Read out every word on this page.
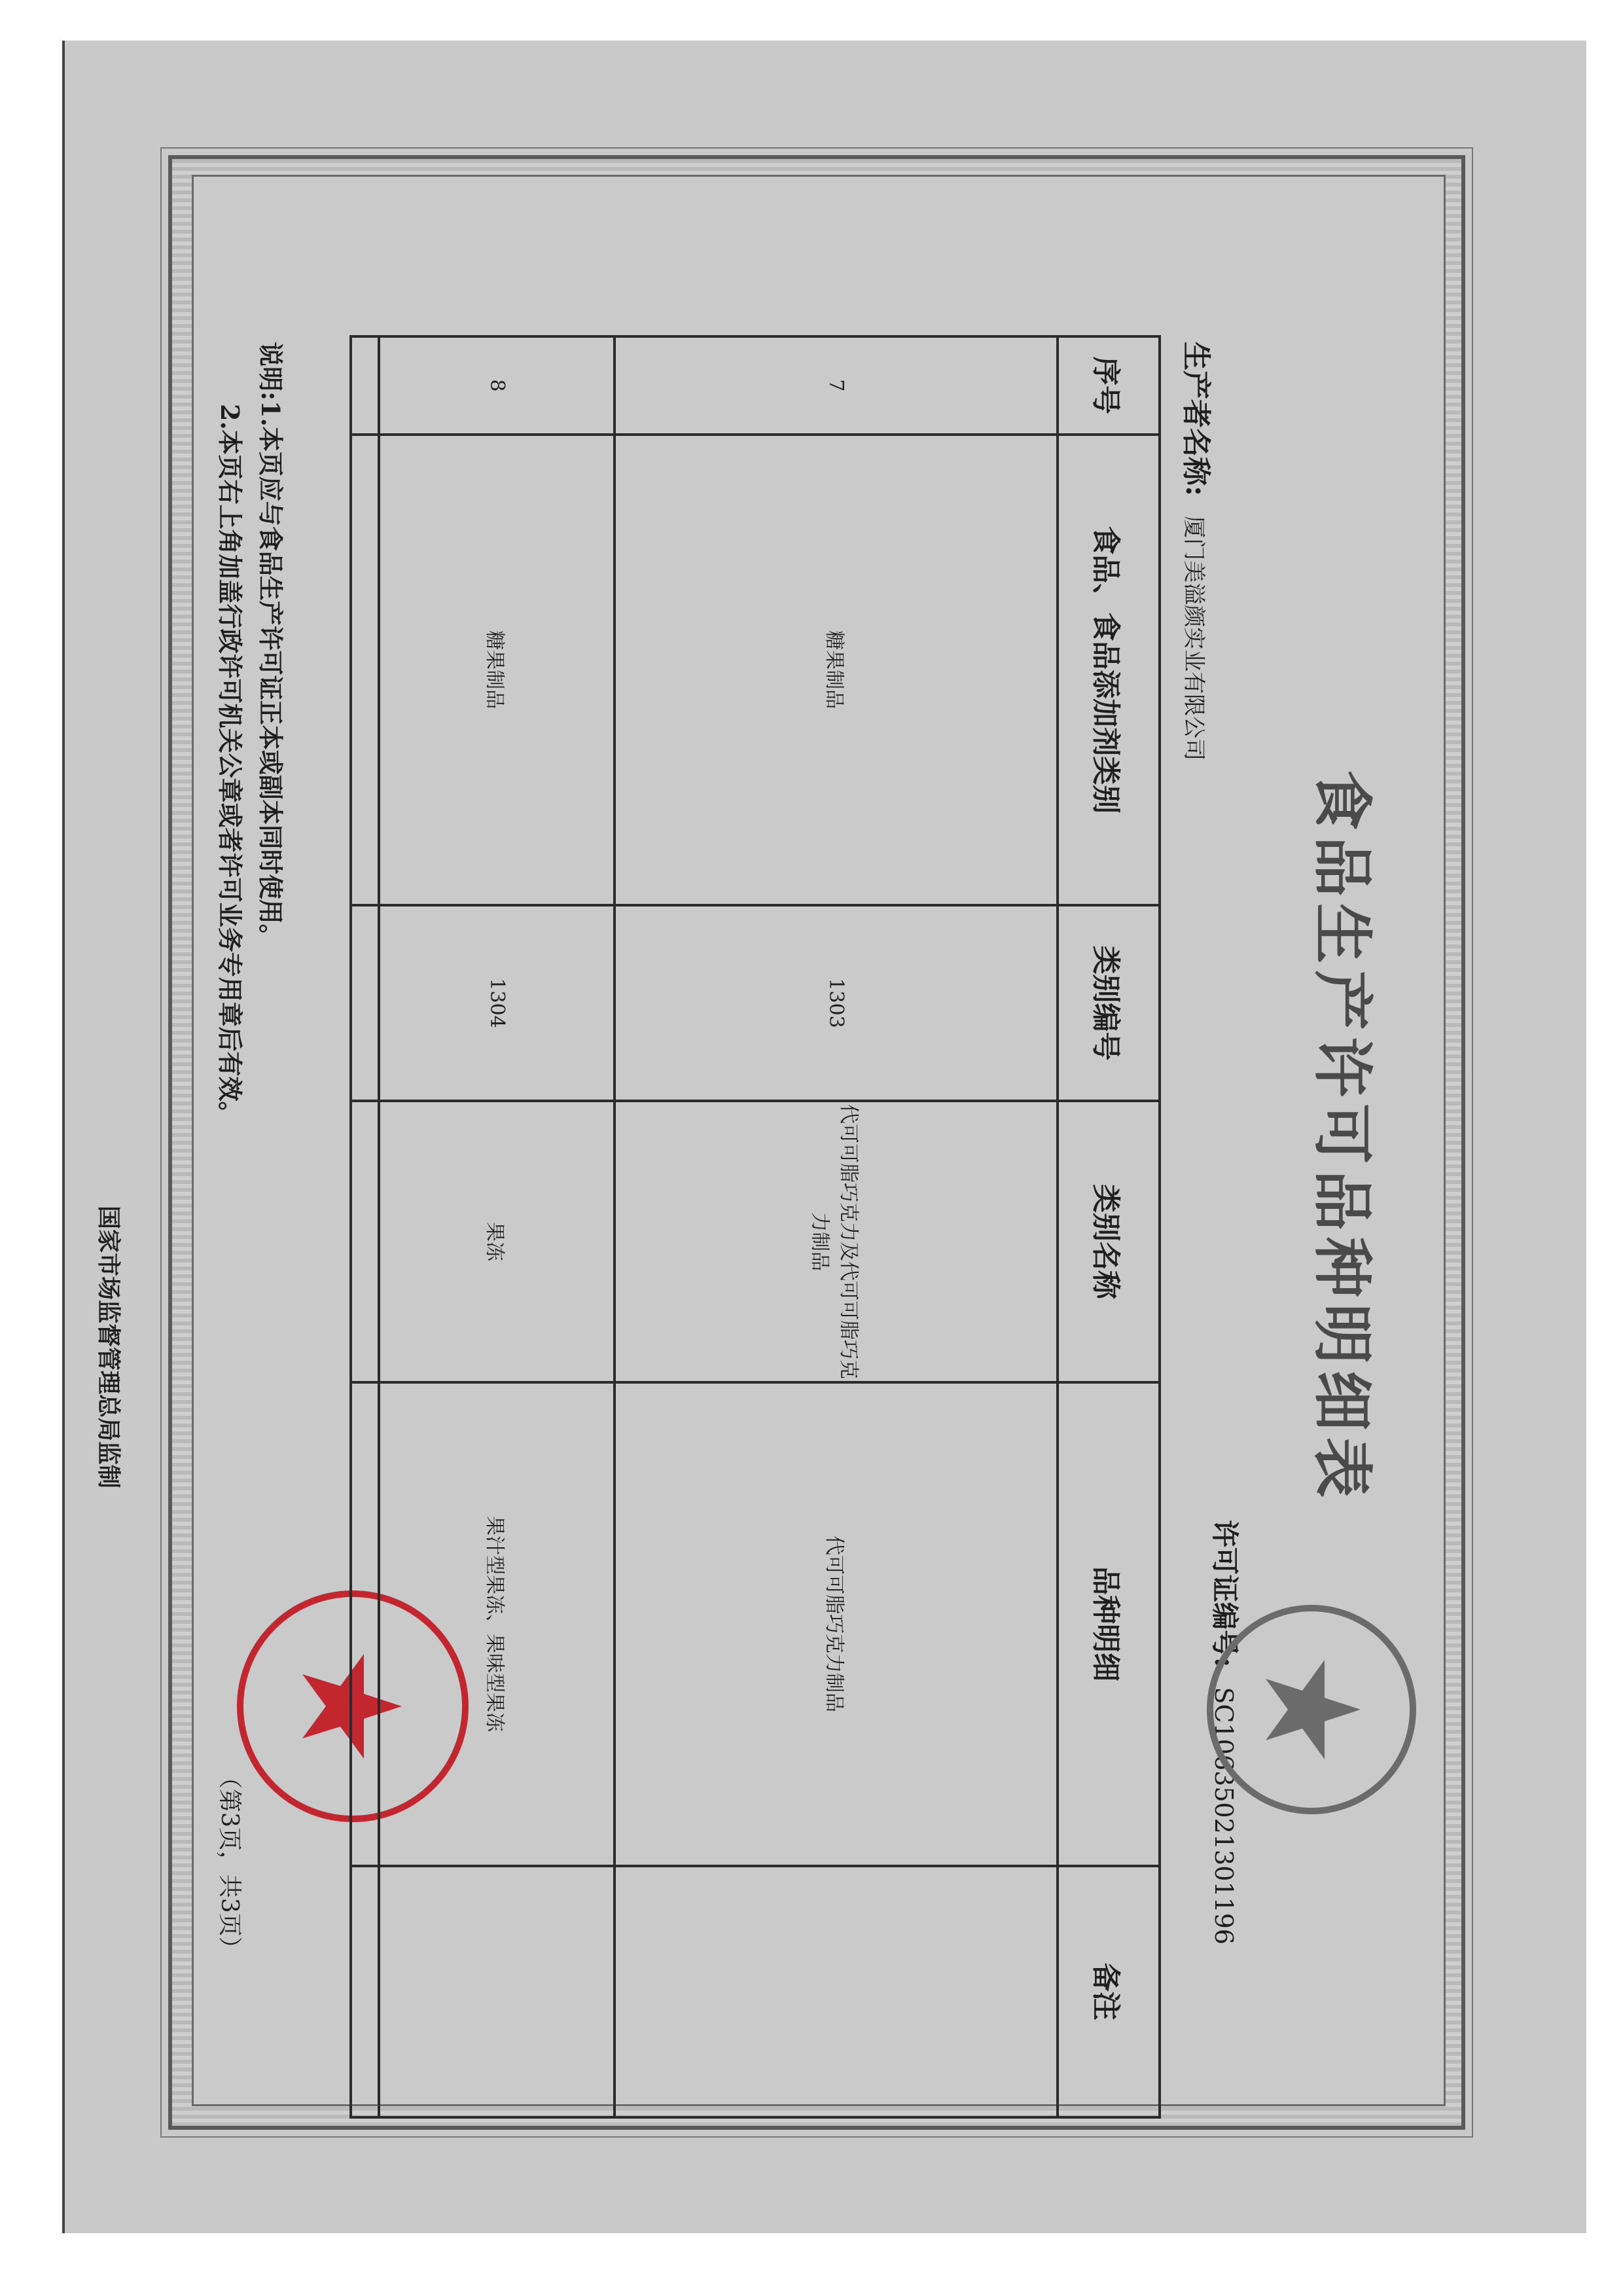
食品生产许可品种明细表
生产者名称:厦门美溢颜实业有限公司
许可证编号:SC10635021301196
序号	食品、食品添加剂类别	类别编号	类别名称	品种明细	备注
7	糖果制品	1303	代可可脂巧克力及代可可脂巧克力制品	代可可脂巧克力制品	
8	糖果制品	1304	果冻	果汁型果冻、果味型果冻	

说明:1.本页应与食品生产许可证正本或副本同时使用。
2.本页右上角加盖行政许可机关公章或者许可业务专用章后有效。
（第3页，共3页）
国家市场监督管理总局监制
